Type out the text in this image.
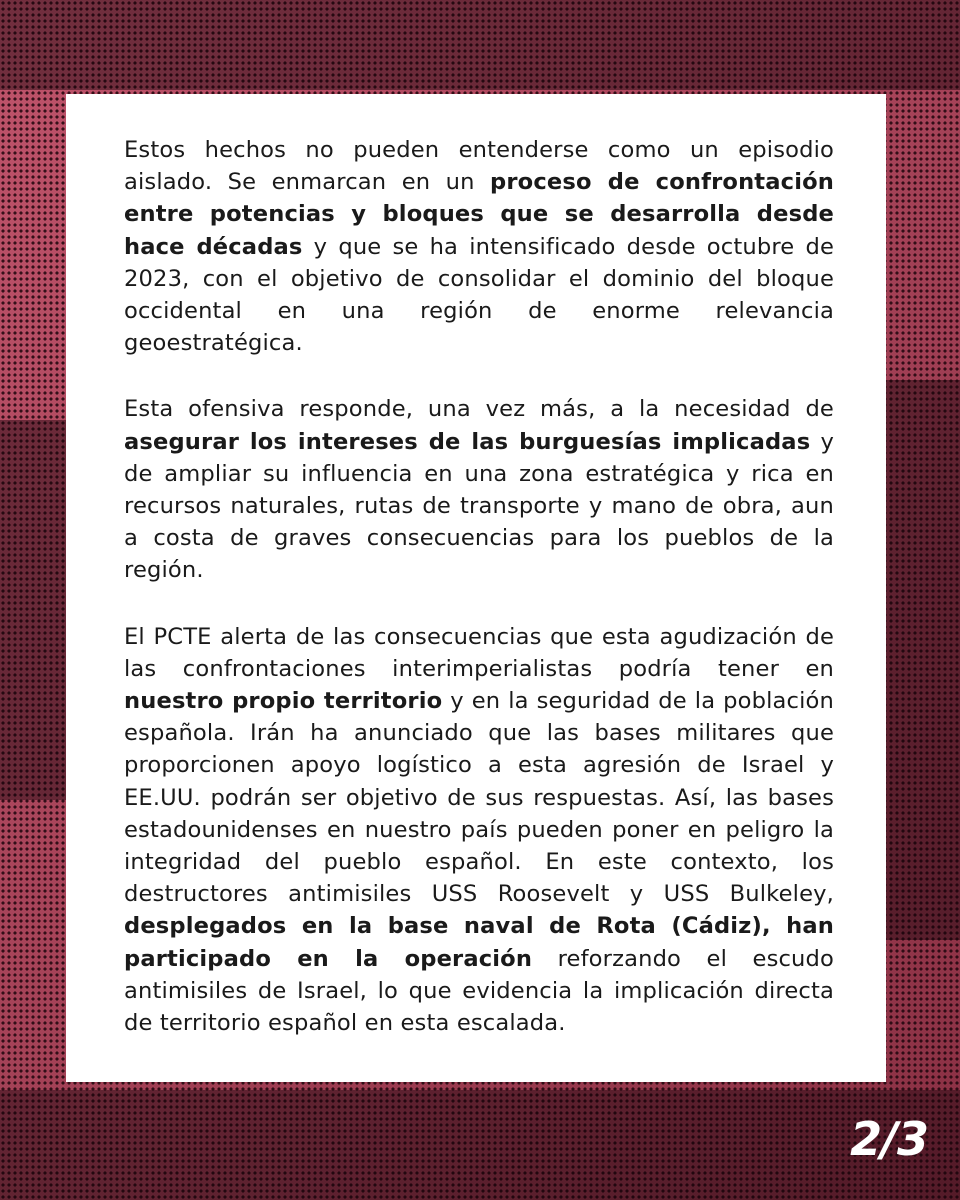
Estos hechos no pueden entenderse como un episodio aislado. Se enmarcan en un proceso de confrontación entre potencias y bloques que se desarrolla desde hace décadas y que se ha intensificado desde octubre de 2023, con el objetivo de consolidar el dominio del bloque occidental en una región de enorme relevancia geoestratégica.

Esta ofensiva responde, una vez más, a la necesidad de asegurar los intereses de las burguesías implicadas y de ampliar su influencia en una zona estratégica y rica en recursos naturales, rutas de transporte y mano de obra, aun a costa de graves consecuencias para los pueblos de la región.

El PCTE alerta de las consecuencias que esta agudización de las confrontaciones interimperialistas podría tener en nuestro propio territorio y en la seguridad de la población española. Irán ha anunciado que las bases militares que proporcionen apoyo logístico a esta agresión de Israel y EE.UU. podrán ser objetivo de sus respuestas. Así, las bases estadounidenses en nuestro país pueden poner en peligro la integridad del pueblo español. En este contexto, los destructores antimisiles USS Roosevelt y USS Bulkeley, desplegados en la base naval de Rota (Cádiz), han participado en la operación reforzando el escudo antimisiles de Israel, lo que evidencia la implicación directa de territorio español en esta escalada.

2/3
